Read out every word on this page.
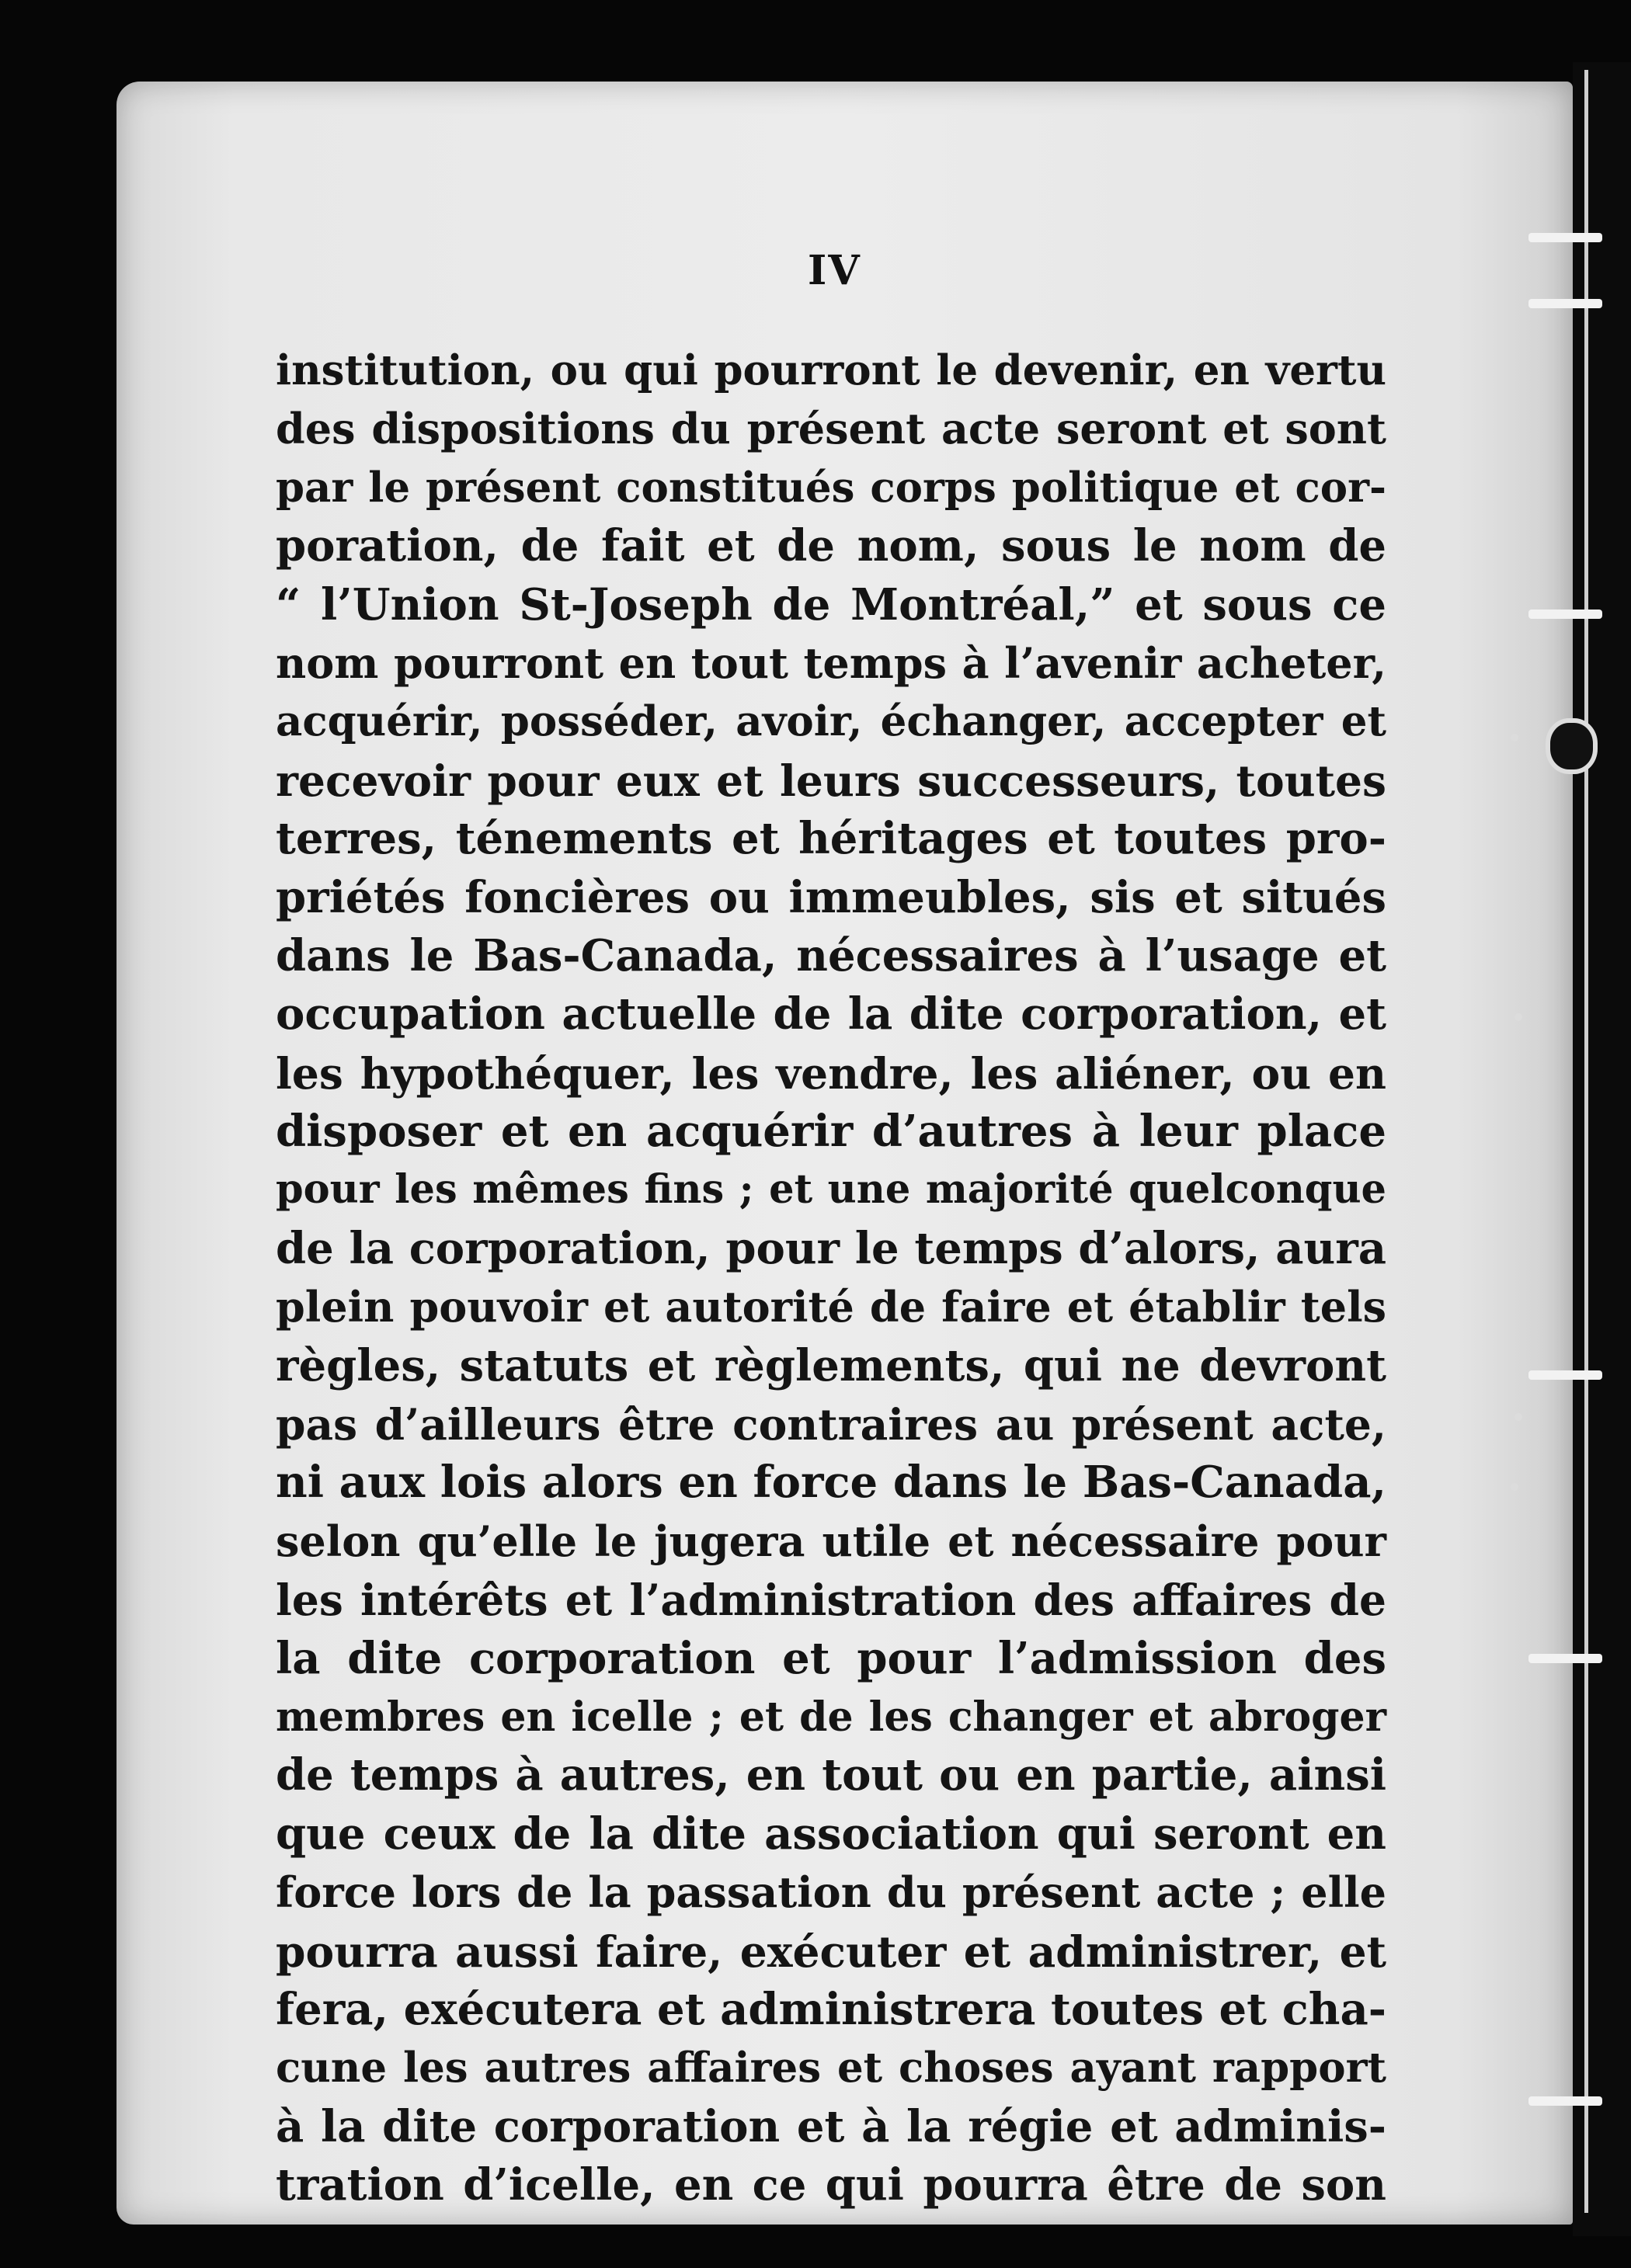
IV
institution, ou qui pourront le devenir, en vertu
des dispositions du présent acte seront et sont
par le présent constitués corps politique et cor-
poration, de fait et de nom, sous le nom de
“ l’Union St-Joseph de Montréal,” et sous ce
nom pourront en tout temps à l’avenir acheter,
acquérir, posséder, avoir, échanger, accepter et
recevoir pour eux et leurs successeurs, toutes
terres, ténements et héritages et toutes pro-
priétés foncières ou immeubles, sis et situés
dans le Bas-Canada, nécessaires à l’usage et
occupation actuelle de la dite corporation, et
les hypothéquer, les vendre, les aliéner, ou en
disposer et en acquérir d’autres à leur place
pour les mêmes fins ; et une majorité quelconque
de la corporation, pour le temps d’alors, aura
plein pouvoir et autorité de faire et établir tels
règles, statuts et règlements, qui ne devront
pas d’ailleurs être contraires au présent acte,
ni aux lois alors en force dans le Bas-Canada,
selon qu’elle le jugera utile et nécessaire pour
les intérêts et l’administration des affaires de
la dite corporation et pour l’admission des
membres en icelle ; et de les changer et abroger
de temps à autres, en tout ou en partie, ainsi
que ceux de la dite association qui seront en
force lors de la passation du présent acte ; elle
pourra aussi faire, exécuter et administrer, et
fera, exécutera et administrera toutes et cha-
cune les autres affaires et choses ayant rapport
à la dite corporation et à la régie et adminis-
tration d’icelle, en ce qui pourra être de son
